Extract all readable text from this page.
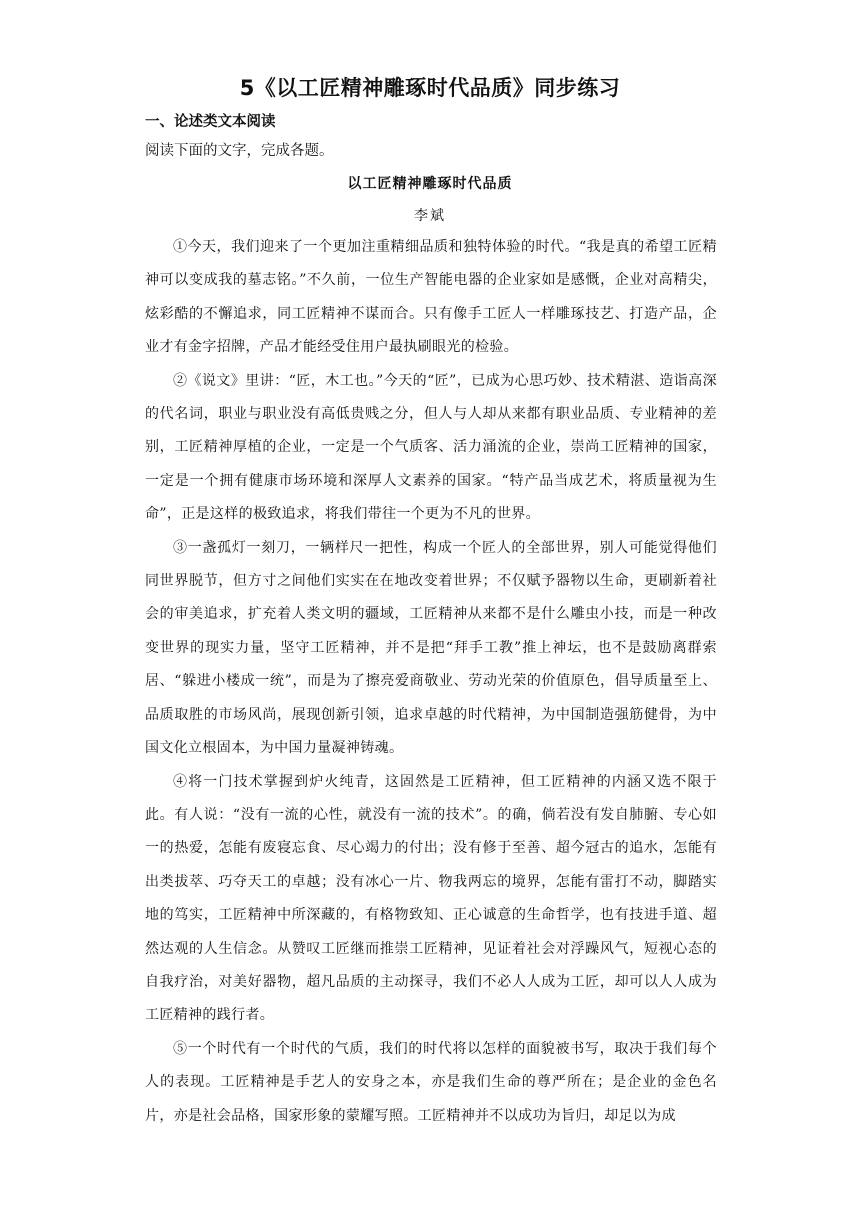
5《以工匠精神雕琢时代品质》同步练习
一、论述类文本阅读
阅读下面的文字，完成各题。
以工匠精神雕琢时代品质
李斌

①今天，我们迎来了一个更加注重精细品质和独特体验的时代。“我是真的希望工匠精神可以变成我的墓志铭。”不久前，一位生产智能电器的企业家如是感慨，企业对高精尖，炫彩酷的不懈追求，同工匠精神不谋而合。只有像手工匠人一样雕琢技艺、打造产品，企业才有金字招牌，产品才能经受住用户最执刷眼光的检验。

②《说文》里讲：“匠，木工也。”今天的“匠”，已成为心思巧妙、技术精湛、造诣高深的代名词，职业与职业没有高低贵贱之分，但人与人却从来都有职业品质、专业精神的差别，工匠精神厚植的企业，一定是一个气质客、活力涌流的企业，崇尚工匠精神的国家，一定是一个拥有健康市场环境和深厚人文素养的国家。“特产品当成艺术，将质量视为生命”，正是这样的极致追求，将我们带往一个更为不凡的世界。

③一盏孤灯一刻刀，一辆样尺一把性，构成一个匠人的全部世界，别人可能觉得他们同世界脱节，但方寸之间他们实实在在地改变着世界；不仅赋予器物以生命，更刷新着社会的审美追求，扩充着人类文明的疆域，工匠精神从来都不是什么雕虫小技，而是一种改变世界的现实力量，坚守工匠精神，并不是把“拜手工教”推上神坛，也不是鼓励离群索居、“躲进小楼成一统”，而是为了擦亮爱商敬业、劳动光荣的价值原色，倡导质量至上、品质取胜的市场风尚，展现创新引领，追求卓越的时代精神，为中国制造强筋健骨，为中国文化立根固本，为中国力量凝神铸魂。

④将一门技术掌握到炉火纯青，这固然是工匠精神，但工匠精神的内涵又选不限于此。有人说：“没有一流的心性，就没有一流的技术”。的确，倘若没有发自肺腑、专心如一的热爱，怎能有废寝忘食、尽心竭力的付出；没有修于至善、超今冠古的追水，怎能有出类拔萃、巧夺天工的卓越；没有冰心一片、物我两忘的境界，怎能有雷打不动，脚踏实地的笃实，工匠精神中所深藏的，有格物致知、正心诚意的生命哲学，也有技进手道、超然达观的人生信念。从赞叹工匠继而推崇工匠精神，见证着社会对浮躁风气，短视心态的自我疗治，对美好器物，超凡品质的主动探寻，我们不必人人成为工匠，却可以人人成为工匠精神的践行者。

⑤一个时代有一个时代的气质，我们的时代将以怎样的面貌被书写，取决于我们每个人的表现。工匠精神是手艺人的安身之本，亦是我们生命的尊严所在；是企业的金色名片，亦是社会品格，国家形象的蒙耀写照。工匠精神并不以成功为旨归，却足以为成
